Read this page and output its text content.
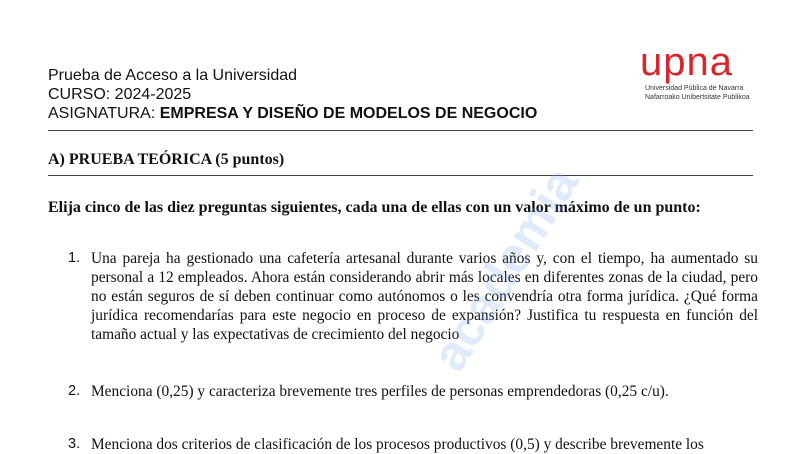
Prueba de Acceso a la Universidad
CURSO: 2024-2025
ASIGNATURA: EMPRESA Y DISEÑO DE MODELOS DE NEGOCIO
upna
Universidad Pública de Navarra
Nafarroako Unibertsitate Publikoa
A) PRUEBA TEÓRICA (5 puntos)
Elija cinco de las diez preguntas siguientes, cada una de ellas con un valor máximo de un punto:
1. Una pareja ha gestionado una cafetería artesanal durante varios años y, con el tiempo, ha aumentado su personal a 12 empleados. Ahora están considerando abrir más locales en diferentes zonas de la ciudad, pero no están seguros de sí deben continuar como autónomos o les convendría otra forma jurídica. ¿Qué forma jurídica recomendarías para este negocio en proceso de expansión? Justifica tu respuesta en función del tamaño actual y las expectativas de crecimiento del negocio
2. Menciona (0,25) y caracteriza brevemente tres perfiles de personas emprendedoras (0,25 c/u).
3. Menciona dos criterios de clasificación de los procesos productivos (0,5) y describe brevemente los
academia
